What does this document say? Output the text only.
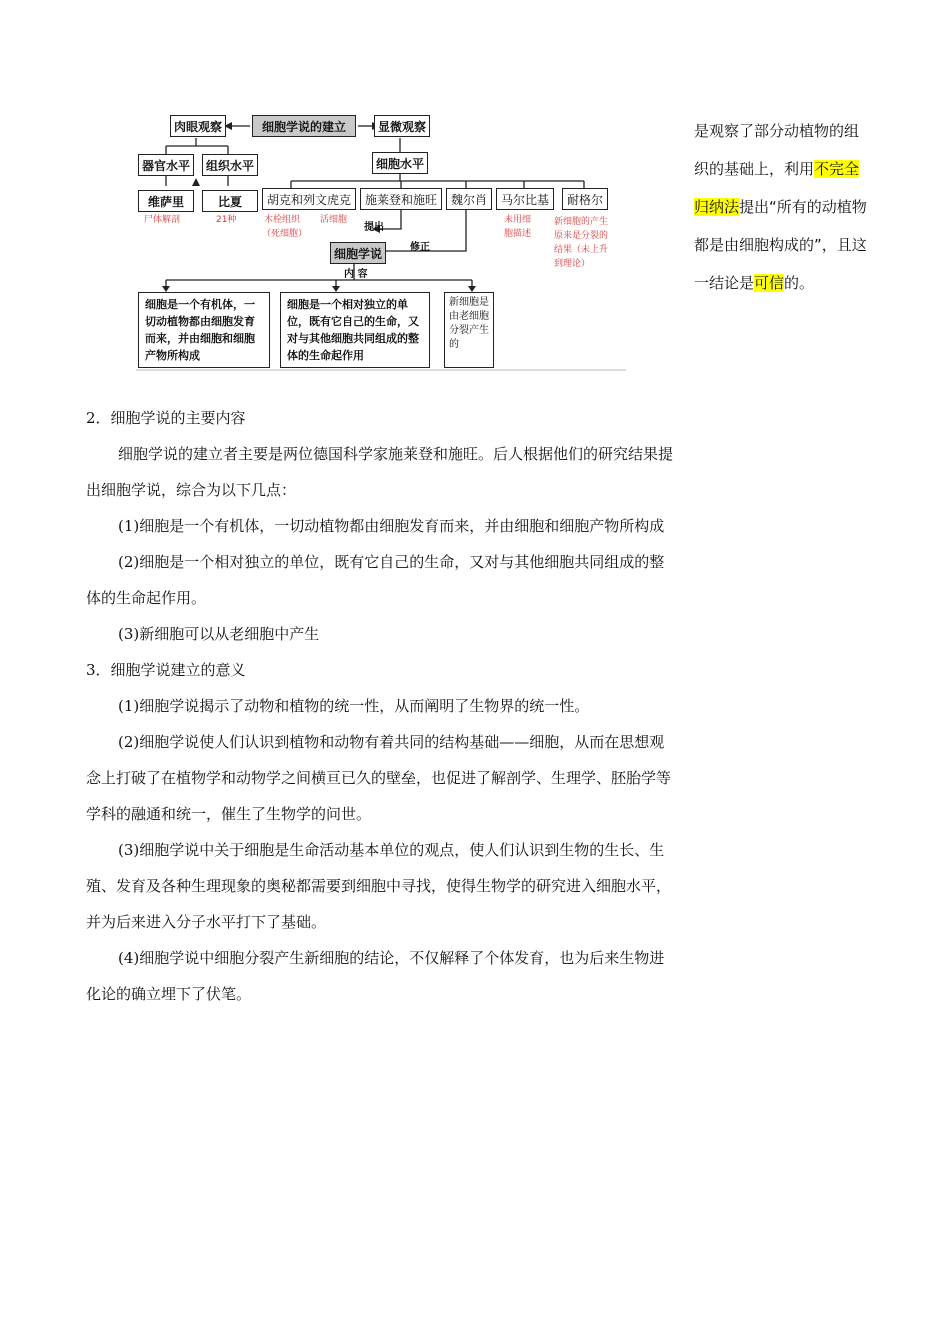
肉眼观察	细胞学说的建立	显微观察
器官水平	组织水平	细胞水平
维萨里	比夏	胡克和列文虎克	施莱登和施旺	魏尔肖	马尔比基	耐格尔
尸体解剖	21种	木栓组织
（死细胞）
活细胞	未用细
胞描述
新细胞的产生
原来是分裂的
结果（未上升
到理论）
提出
修正
细胞学说
内 容
细胞是一个有机体，一切动植物都由细胞发育而来，并由细胞和细胞产物所构成
细胞是一个相对独立的单位，既有它自己的生命，又对与其他细胞共同组成的整体的生命起作用
新细胞是由老细胞分裂产生的
是观察了部分动植物的组织的基础上，利用不完全归纳法提出“所有的动植物都是由细胞构成的”，且这一结论是可信的。

2．细胞学说的主要内容

细胞学说的建立者主要是两位德国科学家施莱登和施旺。后人根据他们的研究结果提出细胞学说，综合为以下几点：

(1)细胞是一个有机体，一切动植物都由细胞发育而来，并由细胞和细胞产物所构成

(2)细胞是一个相对独立的单位，既有它自己的生命，又对与其他细胞共同组成的整体的生命起作用。

(3)新细胞可以从老细胞中产生

3．细胞学说建立的意义

(1)细胞学说揭示了动物和植物的统一性，从而阐明了生物界的统一性。

(2)细胞学说使人们认识到植物和动物有着共同的结构基础——细胞，从而在思想观念上打破了在植物学和动物学之间横亘已久的壁垒，也促进了解剖学、生理学、胚胎学等学科的融通和统一，催生了生物学的问世。

(3)细胞学说中关于细胞是生命活动基本单位的观点，使人们认识到生物的生长、生殖、发育及各种生理现象的奥秘都需要到细胞中寻找，使得生物学的研究进入细胞水平，并为后来进入分子水平打下了基础。

(4)细胞学说中细胞分裂产生新细胞的结论，不仅解释了个体发育，也为后来生物进化论的确立埋下了伏笔。
